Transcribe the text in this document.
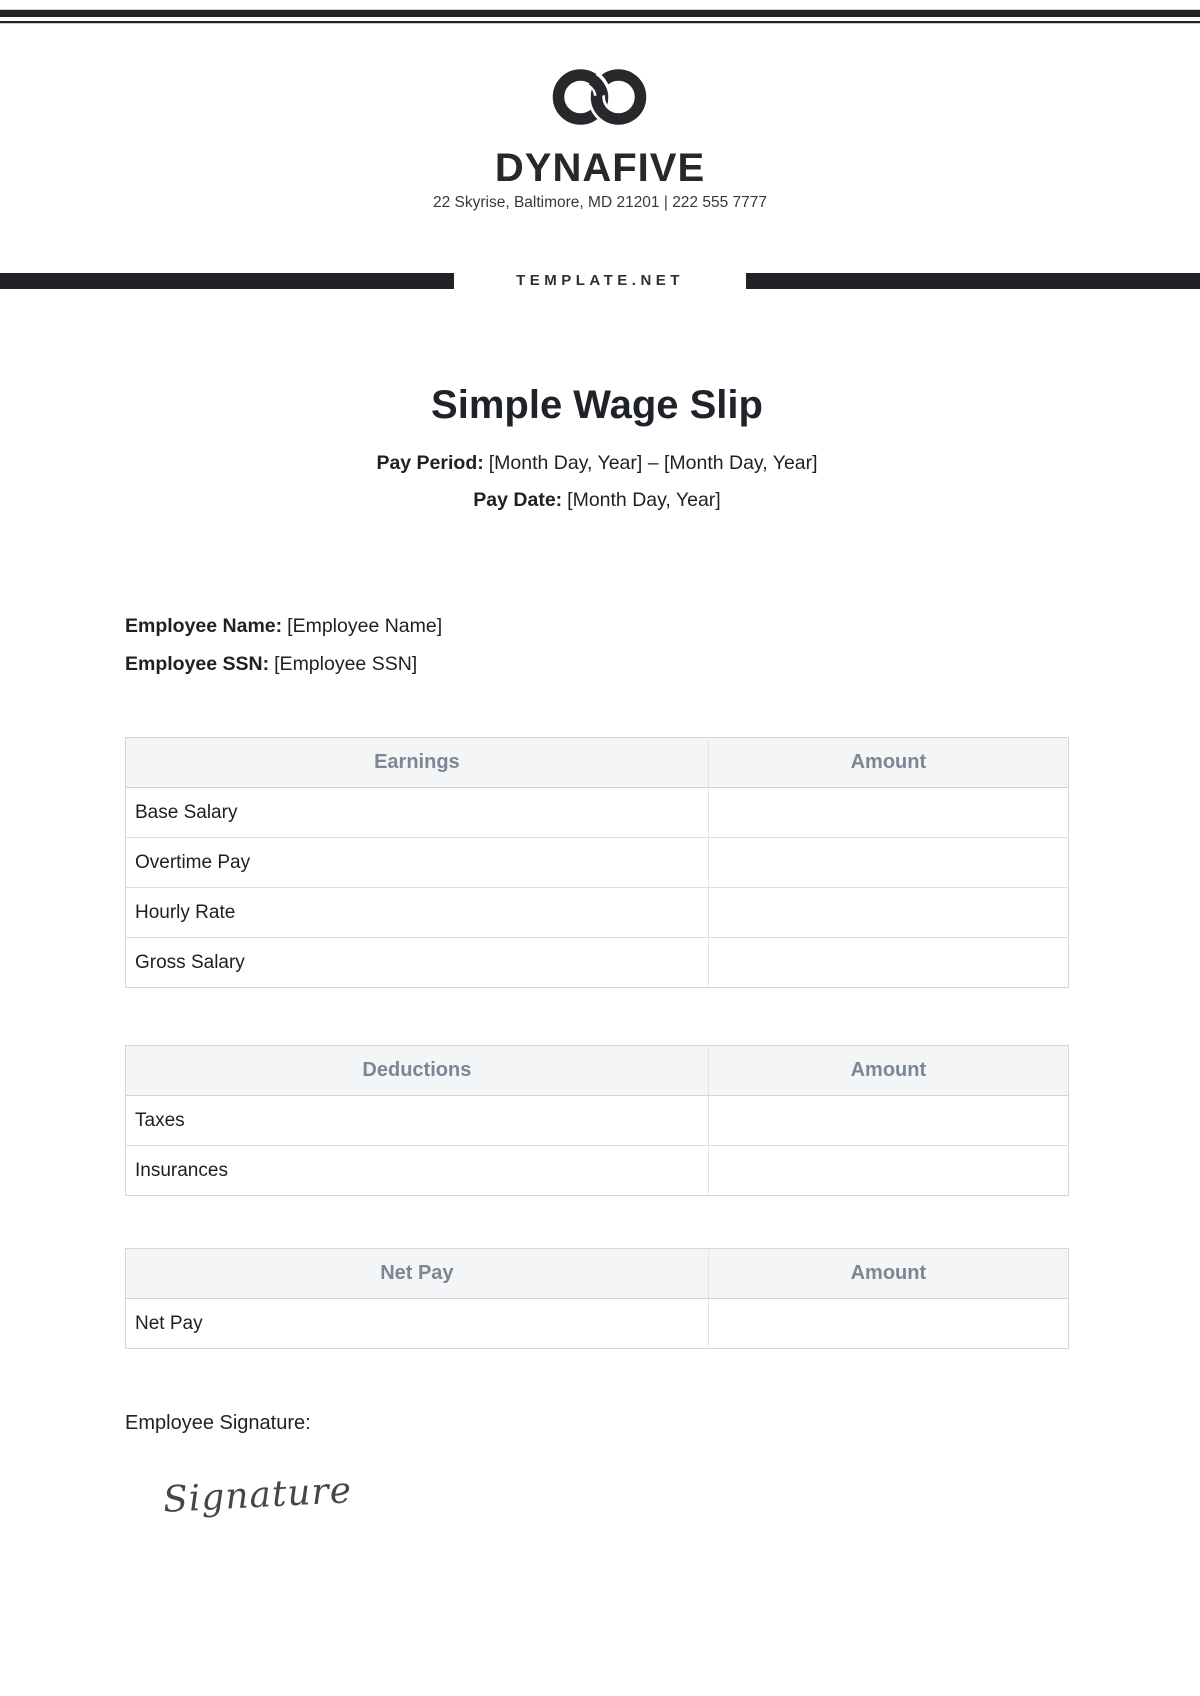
DYNAFIVE
22 Skyrise, Baltimore, MD 21201 | 222 555 7777
TEMPLATE.NET
Simple Wage Slip

Pay Period: [Month Day, Year] – [Month Day, Year]

Pay Date: [Month Day, Year]

Employee Name: [Employee Name]

Employee SSN: [Employee SSN]

Earnings	Amount
Base Salary	
Overtime Pay	
Hourly Rate	
Gross Salary	
Deductions	Amount
Taxes	
Insurances	
Net Pay	Amount
Net Pay	
Employee Signature:
Signature
